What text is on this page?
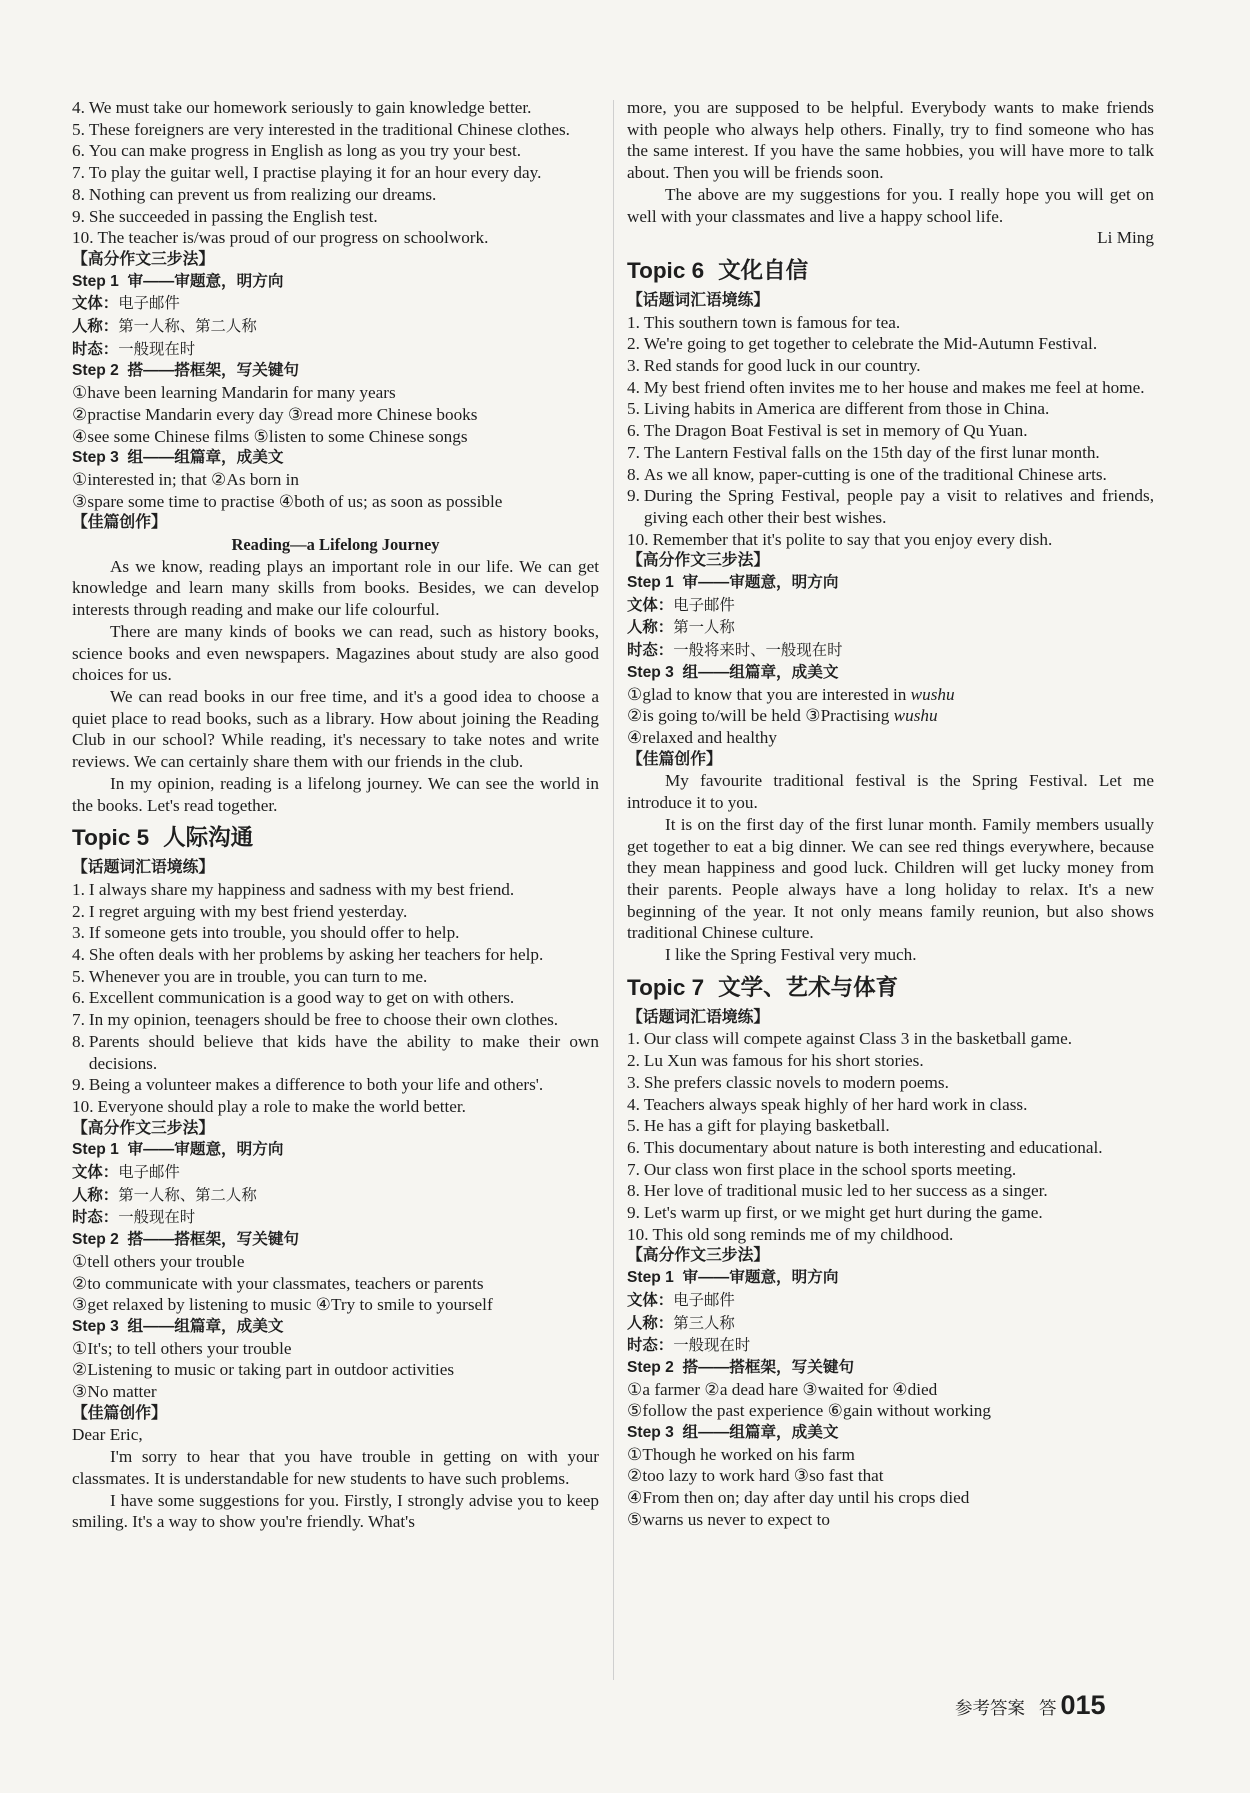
4. We must take our homework seriously to gain knowledge better.
5. These foreigners are very interested in the traditional Chinese clothes.
6. You can make progress in English as long as you try your best.
7. To play the guitar well, I practise playing it for an hour every day.
8. Nothing can prevent us from realizing our dreams.
9. She succeeded in passing the English test.
10. The teacher is/was proud of our progress on schoolwork.
【高分作文三步法】
Step 1 审——审题意，明方向
文体：电子邮件
人称：第一人称、第二人称
时态：一般现在时
Step 2 搭——搭框架，写关键句
①have been learning Mandarin for many years
②practise Mandarin every day ③read more Chinese books
④see some Chinese films ⑤listen to some Chinese songs
Step 3 组——组篇章，成美文
①interested in; that ②As born in
③spare some time to practise ④both of us; as soon as possible
【佳篇创作】
Reading—a Lifelong Journey
As we know, reading plays an important role in our life. We can get knowledge and learn many skills from books. Besides, we can develop interests through reading and make our life colourful.
There are many kinds of books we can read, such as history books, science books and even newspapers. Magazines about study are also good choices for us.
We can read books in our free time, and it's a good idea to choose a quiet place to read books, such as a library. How about joining the Reading Club in our school? While reading, it's necessary to take notes and write reviews. We can certainly share them with our friends in the club.
In my opinion, reading is a lifelong journey. We can see the world in the books. Let's read together.
Topic 5 人际沟通
【话题词汇语境练】
1. I always share my happiness and sadness with my best friend.
2. I regret arguing with my best friend yesterday.
3. If someone gets into trouble, you should offer to help.
4. She often deals with her problems by asking her teachers for help.
5. Whenever you are in trouble, you can turn to me.
6. Excellent communication is a good way to get on with others.
7. In my opinion, teenagers should be free to choose their own clothes.
8. Parents should believe that kids have the ability to make their own decisions.
9. Being a volunteer makes a difference to both your life and others'.
10. Everyone should play a role to make the world better.
【高分作文三步法】
Step 1 审——审题意，明方向
文体：电子邮件
人称：第一人称、第二人称
时态：一般现在时
Step 2 搭——搭框架，写关键句
①tell others your trouble
②to communicate with your classmates, teachers or parents
③get relaxed by listening to music ④Try to smile to yourself
Step 3 组——组篇章，成美文
①It's; to tell others your trouble
②Listening to music or taking part in outdoor activities
③No matter
【佳篇创作】
Dear Eric,
I'm sorry to hear that you have trouble in getting on with your classmates. It is understandable for new students to have such problems.
I have some suggestions for you. Firstly, I strongly advise you to keep smiling. It's a way to show you're friendly. What's
more, you are supposed to be helpful. Everybody wants to make friends with people who always help others. Finally, try to find someone who has the same interest. If you have the same hobbies, you will have more to talk about. Then you will be friends soon.
The above are my suggestions for you. I really hope you will get on well with your classmates and live a happy school life.
Li Ming
Topic 6 文化自信
【话题词汇语境练】
1. This southern town is famous for tea.
2. We're going to get together to celebrate the Mid-Autumn Festival.
3. Red stands for good luck in our country.
4. My best friend often invites me to her house and makes me feel at home.
5. Living habits in America are different from those in China.
6. The Dragon Boat Festival is set in memory of Qu Yuan.
7. The Lantern Festival falls on the 15th day of the first lunar month.
8. As we all know, paper-cutting is one of the traditional Chinese arts.
9. During the Spring Festival, people pay a visit to relatives and friends, giving each other their best wishes.
10. Remember that it's polite to say that you enjoy every dish.
【高分作文三步法】
Step 1 审——审题意，明方向
文体：电子邮件
人称：第一人称
时态：一般将来时、一般现在时
Step 3 组——组篇章，成美文
①glad to know that you are interested in wushu
②is going to/will be held ③Practising wushu
④relaxed and healthy
【佳篇创作】
My favourite traditional festival is the Spring Festival. Let me introduce it to you.
It is on the first day of the first lunar month. Family members usually get together to eat a big dinner. We can see red things everywhere, because they mean happiness and good luck. Children will get lucky money from their parents. People always have a long holiday to relax. It's a new beginning of the year. It not only means family reunion, but also shows traditional Chinese culture.
I like the Spring Festival very much.
Topic 7 文学、艺术与体育
【话题词汇语境练】
1. Our class will compete against Class 3 in the basketball game.
2. Lu Xun was famous for his short stories.
3. She prefers classic novels to modern poems.
4. Teachers always speak highly of her hard work in class.
5. He has a gift for playing basketball.
6. This documentary about nature is both interesting and educational.
7. Our class won first place in the school sports meeting.
8. Her love of traditional music led to her success as a singer.
9. Let's warm up first, or we might get hurt during the game.
10. This old song reminds me of my childhood.
【高分作文三步法】
Step 1 审——审题意，明方向
文体：电子邮件
人称：第三人称
时态：一般现在时
Step 2 搭——搭框架，写关键句
①a farmer ②a dead hare ③waited for ④died
⑤follow the past experience ⑥gain without working
Step 3 组——组篇章，成美文
①Though he worked on his farm
②too lazy to work hard ③so fast that
④From then on; day after day until his crops died
⑤warns us never to expect to
参考答案 答 015
